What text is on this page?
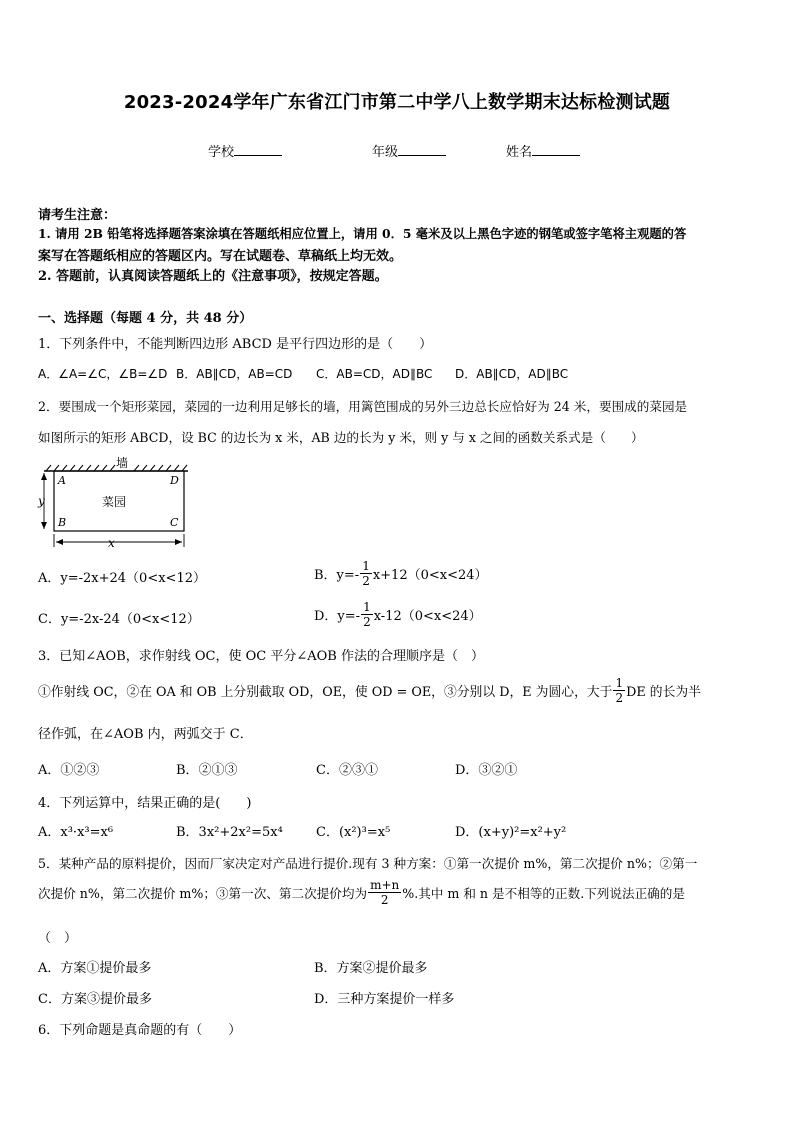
2023-2024学年广东省江门市第二中学八上数学期末达标检测试题
学校	年级	姓名
请考生注意：
1. 请用 2B 铅笔将选择题答案涂填在答题纸相应位置上，请用 0．5 毫米及以上黑色字迹的钢笔或签字笔将主观题的答
案写在答题纸相应的答题区内。写在试题卷、草稿纸上均无效。
2. 答题前，认真阅读答题纸上的《注意事项》，按规定答题。
一、选择题（每题 4 分，共 48 分）
1．下列条件中，不能判断四边形 ABCD 是平行四边形的是（　　）
A．∠A=∠C，∠B=∠D B．AB∥CD，AB=CD C．AB=CD，AD∥BC D．AB∥CD，AD∥BC
2．要围成一个矩形菜园，菜园的一边利用足够长的墙，用篱笆围成的另外三边总长应恰好为 24 米，要围成的菜园是
如图所示的矩形 ABCD，设 BC 的边长为 x 米，AB 边的长为 y 米，则 y 与 x 之间的函数关系式是（　　）
墙
A	D
B	C
菜园
y
x
A．y=-2x+24（0<x<12）	B．$y=- \frac{1}{2} x+12(0<x<24)$
C．y=-2x-24（0<x<12）	D．$y=- \frac{1}{2} x-12(0<x<24)$
3．已知∠AOB，求作射线 OC，使 OC 平分∠AOB 作法的合理顺序是（　）
①作射线 OC，②在 OA 和 OB 上分别截取 OD，OE，使 OD = OE，③分别以 D，E 为圆心，大于 $\frac{1}{2}$ DE 的长为半
径作弧，在∠AOB 内，两弧交于 C．
A．①②③	B．②①③	C．②③①	D．③②①
4．下列运算中，结果正确的是(　　)
A．x³·x³=x⁶	B．3x²+2x²=5x⁴	C．(x²)³=x⁵	D．(x+y)²=x²+y²
5．某种产品的原料提价，因而厂家决定对产品进行提价.现有 3 种方案：①第一次提价 m%，第二次提价 n%；②第一
次提价 n%，第二次提价 m%；③第一次、第二次提价均为 $\frac{m+n}{2}$ %.其中 m 和 n 是不相等的正数.下列说法正确的是
（　）
A．方案①提价最多	B．方案②提价最多
C．方案③提价最多	D．三种方案提价一样多
6．下列命题是真命题的有（　　）
